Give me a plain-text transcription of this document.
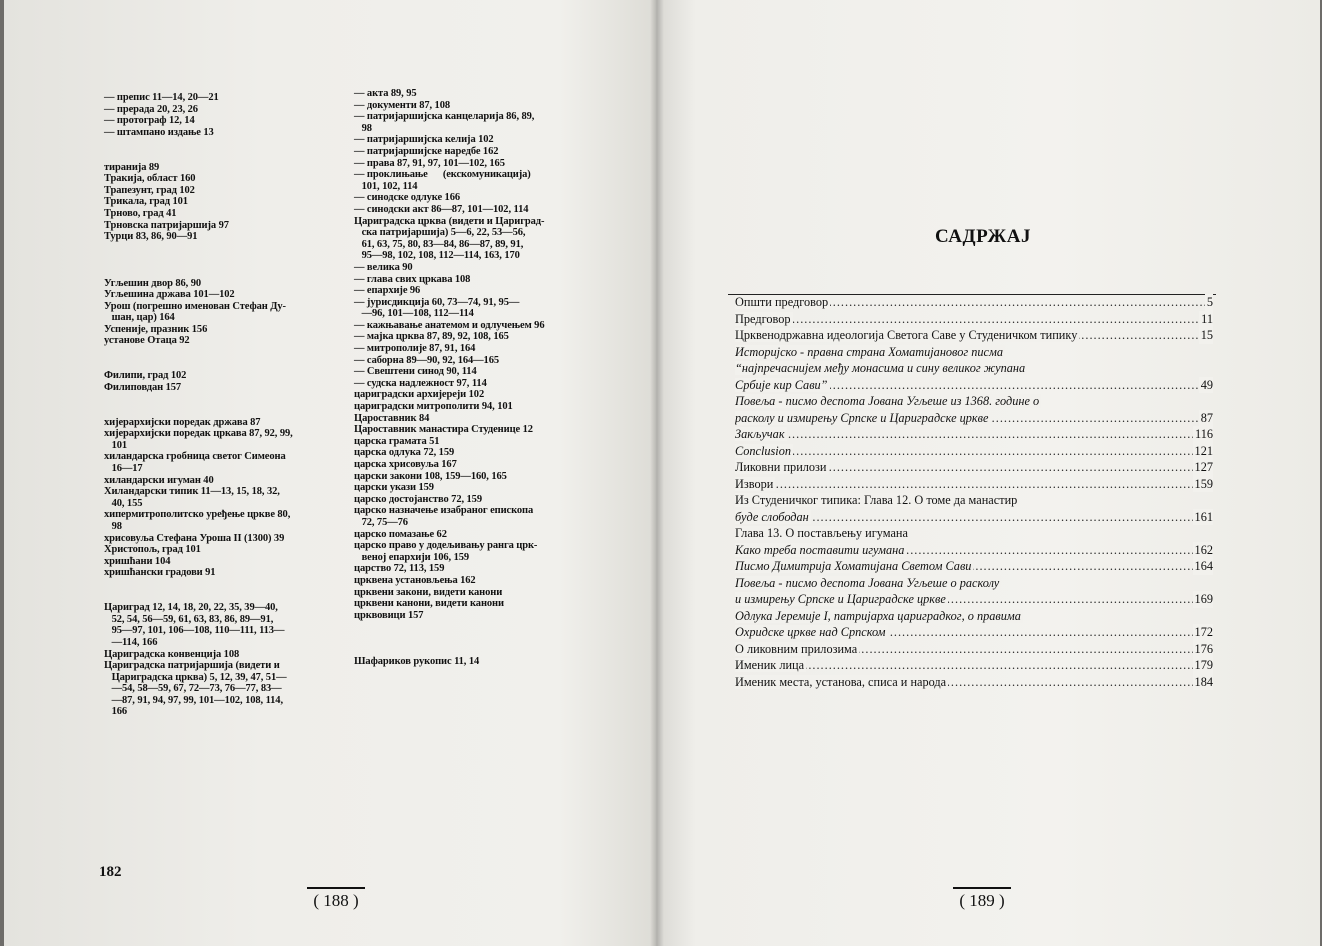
— препис 11—14, 20—21
— прерада 20, 23, 26
— протограф 12, 14
— штампано издање 13
тиранија 89
Тракија, област 160
Трапезунт, град 102
Трикала, град 101
Трново, град 41
Трновска патријаршија 97
Турци 83, 86, 90—91
Угљешин двор 86, 90
Угљешина држава 101—102
Урош (погрешно именован Стефан Ду-
шан, цар) 164
Успеније, празник 156
установе Отаца 92
Филипи, град 102
Филиповдан 157
хијерархијски поредак држава 87
хијерархијски поредак цркава 87, 92, 99,
101
хиландарска гробница светог Симеона
16—17
хиландарски игуман 40
Хиландарски типик 11—13, 15, 18, 32,
40, 155
хипермитрополитско уређење цркве 80,
98
хрисовуља Стефана Уроша II (1300) 39
Христопољ, град 101
хришћани 104
хришћански градови 91
Цариград 12, 14, 18, 20, 22, 35, 39—40,
52, 54, 56—59, 61, 63, 83, 86, 89—91,
95—97, 101, 106—108, 110—111, 113—
—114, 166
Цариградска конвенција 108
Цариградска патријаршија (видети и
Цариградска црква) 5, 12, 39, 47, 51—
—54, 58—59, 67, 72—73, 76—77, 83—
—87, 91, 94, 97, 99, 101—102, 108, 114,
166
— акта 89, 95
— документи 87, 108
— патријаршијска канцеларија 86, 89,
98
— патријаршијска келија 102
— патријаршијске наредбе 162
— права 87, 91, 97, 101—102, 165
— проклињање      (екскомуникација)
101, 102, 114
— синодске одлуке 166
— синодски акт 86—87, 101—102, 114
Цариградска црква (видети и Цариград-
ска патријаршија) 5—6, 22, 53—56,
61, 63, 75, 80, 83—84, 86—87, 89, 91,
95—98, 102, 108, 112—114, 163, 170
— велика 90
— глава свих цркава 108
— епархије 96
— јурисдикција 60, 73—74, 91, 95—
—96, 101—108, 112—114
— кажњавање анатемом и одлучењем 96
— мајка црква 87, 89, 92, 108, 165
— митрополије 87, 91, 164
— саборна 89—90, 92, 164—165
— Свештени синод 90, 114
— судска надлежност 97, 114
цариградски архијереји 102
цариградски митрополити 94, 101
Цароставник 84
Цароставник манастира Студенице 12
царска грамата 51
царска одлука 72, 159
царска хрисовуља 167
царски закони 108, 159—160, 165
царски укази 159
царско достојанство 72, 159
царско назначење изабраног епископа
72, 75—76
царско помазање 62
царско право у додељивању ранга црк-
веној епархији 106, 159
царство 72, 113, 159
црквена установљења 162
црквени закони, видети канони
црквени канони, видети канони
црквовици 157
Шафариков рукопис 11, 14
182
( 188 )	( 189 )
САДРЖАЈ
Општи предговор	5
.....
Предговор	11
.....
Црквенодржавна идеологија Светога Саве у Студеничком типику	15
.....
Историјско - правна страна Хоматијановог писма
“најпречаснијем међу монасима и сину великог жупана
Србије кир Сави”	49
.....
Повеља - писмо деспота Јована Угљеше из 1368. године о
расколу и измирењу Српске и Цариградске цркве	87
.....
Закључак	116
.....
Conclusion	121
.....
Ликовни прилози	127
.....
Извори	159
.....
Из Студеничког типика: Глава 12. О томе да манастир
буде слободан	161
.....
Глава 13. О постављењу игумана
Како треба поставити игумана	162
.....
Писмо Димитрија Хоматијана Светом Сави	164
.....
Повеља - писмо деспота Јована Угљеше о расколу
и измирењу Српске и Цариградске цркве	169
.....
Одлука Јеремије I, патријарха цариградког, о правима
Охридске цркве над Српском	172
.....
О ликовним прилозима	176
.....
Именик лица	179
.....
Именик места, установа, списа и народа	184
.....
